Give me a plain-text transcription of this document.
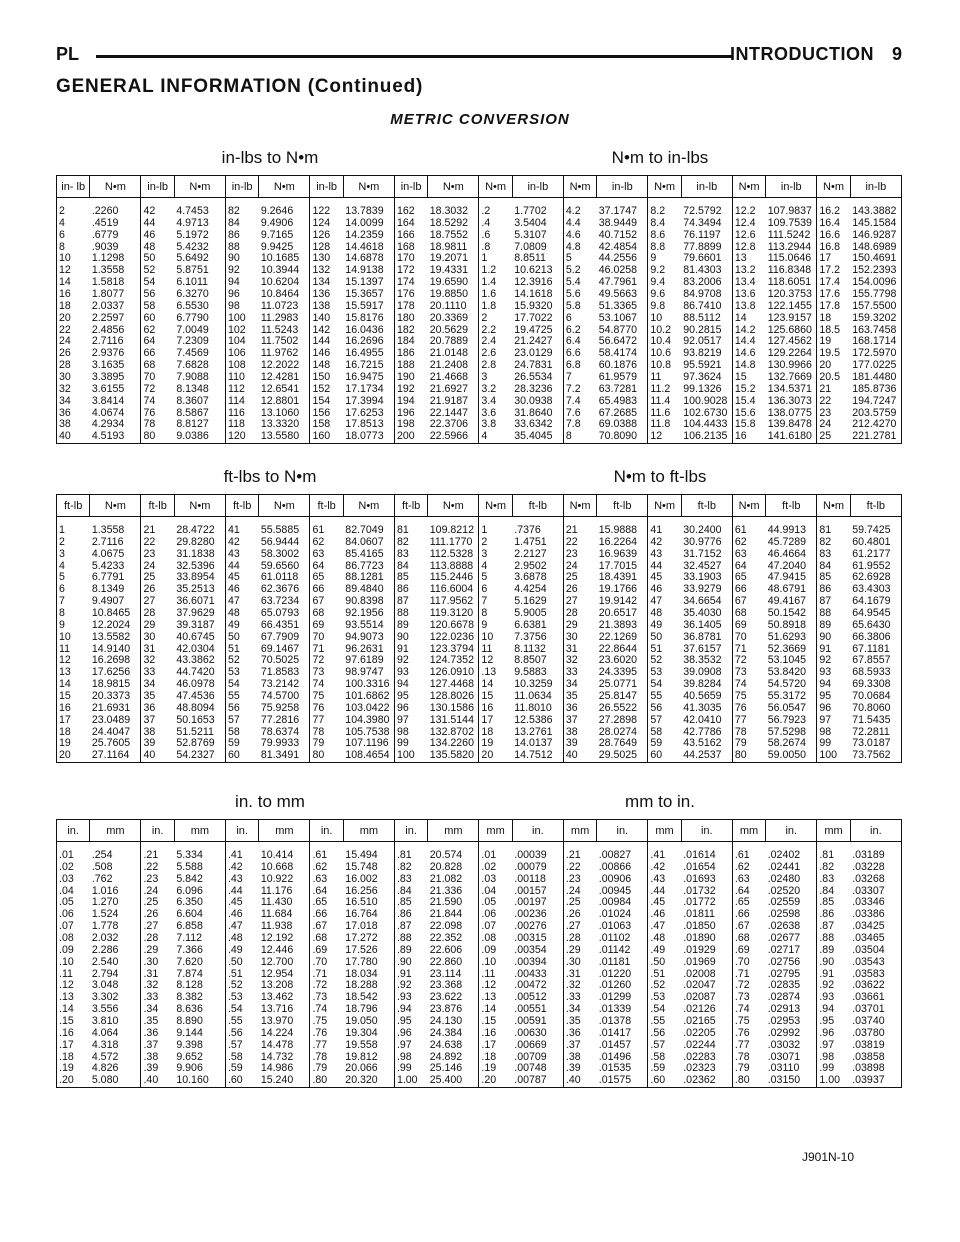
PL	INTRODUCTION 9
GENERAL INFORMATION (Continued)
METRIC CONVERSION
in-lbs to N•m	N•m to in-lbs
in- lb	N•m	in-lb	N•m	in-lb	N•m	in-lb	N•m	in-lb	N•m	N•m	in-lb	N•m	in-lb	N•m	in-lb	N•m	in-lb	N•m	in-lb
2	.2260	42	4.7453	82	9.2646	122	13.7839	162	18.3032	.2	1.7702	4.2	37.1747	8.2	72.5792	12.2	107.9837	16.2	143.3882
4	.4519	44	4.9713	84	9.4906	124	14.0099	164	18.5292	.4	3.5404	4.4	38.9449	8.4	74.3494	12.4	109.7539	16.4	145.1584
6	.6779	46	5.1972	86	9.7165	126	14.2359	166	18.7552	.6	5.3107	4.6	40.7152	8.6	76.1197	12.6	111.5242	16.6	146.9287
8	.9039	48	5.4232	88	9.9425	128	14.4618	168	18.9811	.8	7.0809	4.8	42.4854	8.8	77.8899	12.8	113.2944	16.8	148.6989
10	1.1298	50	5.6492	90	10.1685	130	14.6878	170	19.2071	1	8.8511	5	44.2556	9	79.6601	13	115.0646	17	150.4691
12	1.3558	52	5.8751	92	10.3944	132	14.9138	172	19.4331	1.2	10.6213	5.2	46.0258	9.2	81.4303	13.2	116.8348	17.2	152.2393
14	1.5818	54	6.1011	94	10.6204	134	15.1397	174	19.6590	1.4	12.3916	5.4	47.7961	9.4	83.2006	13.4	118.6051	17.4	154.0096
16	1.8077	56	6.3270	96	10.8464	136	15.3657	176	19.8850	1.6	14.1618	5.6	49.5663	9.6	84.9708	13.6	120.3753	17.6	155.7798
18	2.0337	58	6.5530	98	11.0723	138	15.5917	178	20.1110	1.8	15.9320	5.8	51.3365	9.8	86.7410	13.8	122.1455	17.8	157.5500
20	2.2597	60	6.7790	100	11.2983	140	15.8176	180	20.3369	2	17.7022	6	53.1067	10	88.5112	14	123.9157	18	159.3202
22	2.4856	62	7.0049	102	11.5243	142	16.0436	182	20.5629	2.2	19.4725	6.2	54.8770	10.2	90.2815	14.2	125.6860	18.5	163.7458
24	2.7116	64	7.2309	104	11.7502	144	16.2696	184	20.7889	2.4	21.2427	6.4	56.6472	10.4	92.0517	14.4	127.4562	19	168.1714
26	2.9376	66	7.4569	106	11.9762	146	16.4955	186	21.0148	2.6	23.0129	6.6	58.4174	10.6	93.8219	14.6	129.2264	19.5	172.5970
28	3.1635	68	7.6828	108	12.2022	148	16.7215	188	21.2408	2.8	24.7831	6.8	60.1876	10.8	95.5921	14.8	130.9966	20	177.0225
30	3.3895	70	7.9088	110	12.4281	150	16.9475	190	21.4668	3	26.5534	7	61.9579	11	97.3624	15	132.7669	20.5	181.4480
32	3.6155	72	8.1348	112	12.6541	152	17.1734	192	21.6927	3.2	28.3236	7.2	63.7281	11.2	99.1326	15.2	134.5371	21	185.8736
34	3.8414	74	8.3607	114	12.8801	154	17.3994	194	21.9187	3.4	30.0938	7.4	65.4983	11.4	100.9028	15.4	136.3073	22	194.7247
36	4.0674	76	8.5867	116	13.1060	156	17.6253	196	22.1447	3.6	31.8640	7.6	67.2685	11.6	102.6730	15.6	138.0775	23	203.5759
38	4.2934	78	8.8127	118	13.3320	158	17.8513	198	22.3706	3.8	33.6342	7.8	69.0388	11.8	104.4433	15.8	139.8478	24	212.4270
40	4.5193	80	9.0386	120	13.5580	160	18.0773	200	22.5966	4	35.4045	8	70.8090	12	106.2135	16	141.6180	25	221.2781
ft-lbs to N•m	N•m to ft-lbs
ft-lb	N•m	ft-lb	N•m	ft-lb	N•m	ft-lb	N•m	ft-lb	N•m	N•m	ft-lb	N•m	ft-lb	N•m	ft-lb	N•m	ft-lb	N•m	ft-lb
1	1.3558	21	28.4722	41	55.5885	61	82.7049	81	109.8212	1	.7376	21	15.9888	41	30.2400	61	44.9913	81	59.7425
2	2.7116	22	29.8280	42	56.9444	62	84.0607	82	111.1770	2	1.4751	22	16.2264	42	30.9776	62	45.7289	82	60.4801
3	4.0675	23	31.1838	43	58.3002	63	85.4165	83	112.5328	3	2.2127	23	16.9639	43	31.7152	63	46.4664	83	61.2177
4	5.4233	24	32.5396	44	59.6560	64	86.7723	84	113.8888	4	2.9502	24	17.7015	44	32.4527	64	47.2040	84	61.9552
5	6.7791	25	33.8954	45	61.0118	65	88.1281	85	115.2446	5	3.6878	25	18.4391	45	33.1903	65	47.9415	85	62.6928
6	8.1349	26	35.2513	46	62.3676	66	89.4840	86	116.6004	6	4.4254	26	19.1766	46	33.9279	66	48.6791	86	63.4303
7	9.4907	27	36.6071	47	63.7234	67	90.8398	87	117.9562	7	5.1629	27	19.9142	47	34.6654	67	49.4167	87	64.1679
8	10.8465	28	37.9629	48	65.0793	68	92.1956	88	119.3120	8	5.9005	28	20.6517	48	35.4030	68	50.1542	88	64.9545
9	12.2024	29	39.3187	49	66.4351	69	93.5514	89	120.6678	9	6.6381	29	21.3893	49	36.1405	69	50.8918	89	65.6430
10	13.5582	30	40.6745	50	67.7909	70	94.9073	90	122.0236	10	7.3756	30	22.1269	50	36.8781	70	51.6293	90	66.3806
11	14.9140	31	42.0304	51	69.1467	71	96.2631	91	123.3794	11	8.1132	31	22.8644	51	37.6157	71	52.3669	91	67.1181
12	16.2698	32	43.3862	52	70.5025	72	97.6189	92	124.7352	12	8.8507	32	23.6020	52	38.3532	72	53.1045	92	67.8557
13	17.6256	33	44.7420	53	71.8583	73	98.9747	93	126.0910	.13	9.5883	33	24.3395	53	39.0908	73	53.8420	93	68.5933
14	18.9815	34	46.0978	54	73.2142	74	100.3316	94	127.4468	14	10.3259	34	25.0771	54	39.8284	74	54.5720	94	69.3308
15	20.3373	35	47.4536	55	74.5700	75	101.6862	95	128.8026	15	11.0634	35	25.8147	55	40.5659	75	55.3172	95	70.0684
16	21.6931	36	48.8094	56	75.9258	76	103.0422	96	130.1586	16	11.8010	36	26.5522	56	41.3035	76	56.0547	96	70.8060
17	23.0489	37	50.1653	57	77.2816	77	104.3980	97	131.5144	17	12.5386	37	27.2898	57	42.0410	77	56.7923	97	71.5435
18	24.4047	38	51.5211	58	78.6374	78	105.7538	98	132.8702	18	13.2761	38	28.0274	58	42.7786	78	57.5298	98	72.2811
19	25.7605	39	52.8769	59	79.9933	79	107.1196	99	134.2260	19	14.0137	39	28.7649	59	43.5162	79	58.2674	99	73.0187
20	27.1164	40	54.2327	60	81.3491	80	108.4654	100	135.5820	20	14.7512	40	29.5025	60	44.2537	80	59.0050	100	73.7562
in. to mm	mm to in.
in.	mm	in.	mm	in.	mm	in.	mm	in.	mm	mm	in.	mm	in.	mm	in.	mm	in.	mm	in.
.01	.254	.21	5.334	.41	10.414	.61	15.494	.81	20.574	.01	.00039	.21	.00827	.41	.01614	.61	.02402	.81	.03189
.02	.508	.22	5.588	.42	10.668	.62	15.748	.82	20.828	.02	.00079	.22	.00866	.42	.01654	.62	.02441	.82	.03228
.03	.762	.23	5.842	.43	10.922	.63	16.002	.83	21.082	.03	.00118	.23	.00906	.43	.01693	.63	.02480	.83	.03268
.04	1.016	.24	6.096	.44	11.176	.64	16.256	.84	21.336	.04	.00157	.24	.00945	.44	.01732	.64	.02520	.84	.03307
.05	1.270	.25	6.350	.45	11.430	.65	16.510	.85	21.590	.05	.00197	.25	.00984	.45	.01772	.65	.02559	.85	.03346
.06	1.524	.26	6.604	.46	11.684	.66	16.764	.86	21.844	.06	.00236	.26	.01024	.46	.01811	.66	.02598	.86	.03386
.07	1.778	.27	6.858	.47	11.938	.67	17.018	.87	22.098	.07	.00276	.27	.01063	.47	.01850	.67	.02638	.87	.03425
.08	2.032	.28	7.112	.48	12.192	.68	17.272	.88	22.352	.08	.00315	.28	.01102	.48	.01890	.68	.02677	.88	.03465
.09	2.286	.29	7.366	.49	12.446	.69	17.526	.89	22.606	.09	.00354	.29	.01142	.49	.01929	.69	.02717	.89	.03504
.10	2.540	.30	7.620	.50	12.700	.70	17.780	.90	22.860	.10	.00394	.30	.01181	.50	.01969	.70	.02756	.90	.03543
.11	2.794	.31	7.874	.51	12.954	.71	18.034	.91	23.114	.11	.00433	.31	.01220	.51	.02008	.71	.02795	.91	.03583
.12	3.048	.32	8.128	.52	13.208	.72	18.288	.92	23.368	.12	.00472	.32	.01260	.52	.02047	.72	.02835	.92	.03622
.13	3.302	.33	8.382	.53	13.462	.73	18.542	.93	23.622	.13	.00512	.33	.01299	.53	.02087	.73	.02874	.93	.03661
.14	3.556	.34	8.636	.54	13.716	.74	18.796	.94	23.876	.14	.00551	.34	.01339	.54	.02126	.74	.02913	.94	.03701
.15	3.810	.35	8.890	.55	13.970	.75	19.050	.95	24.130	.15	.00591	.35	.01378	.55	.02165	.75	.02953	.95	.03740
.16	4.064	.36	9.144	.56	14.224	.76	19.304	.96	24.384	.16	.00630	.36	.01417	.56	.02205	.76	.02992	.96	.03780
.17	4.318	.37	9.398	.57	14.478	.77	19.558	.97	24.638	.17	.00669	.37	.01457	.57	.02244	.77	.03032	.97	.03819
.18	4.572	.38	9.652	.58	14.732	.78	19.812	.98	24.892	.18	.00709	.38	.01496	.58	.02283	.78	.03071	.98	.03858
.19	4.826	.39	9.906	.59	14.986	.79	20.066	.99	25.146	.19	.00748	.39	.01535	.59	.02323	.79	.03110	.99	.03898
.20	5.080	.40	10.160	.60	15.240	.80	20.320	1.00	25.400	.20	.00787	.40	.01575	.60	.02362	.80	.03150	1.00	.03937
J901N-10
